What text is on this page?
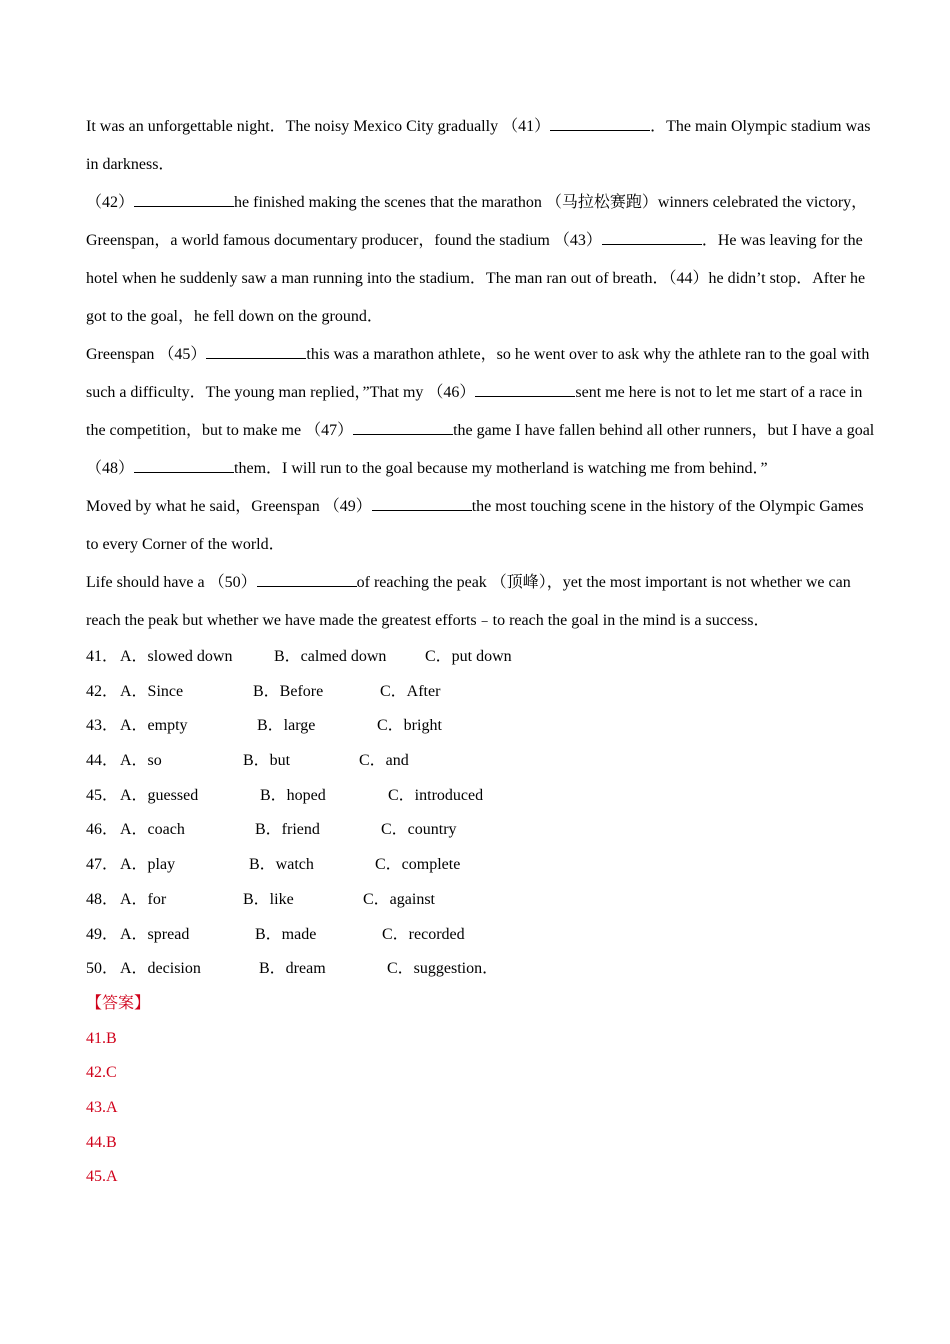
It was an unforgettable night．The noisy Mexico City gradually （41）	．The main Olympic stadium was in darkness．

（42）	he finished making the scenes that the marathon （马拉松赛跑）winners celebrated the victory，Greenspan，a world famous documentary producer，found the stadium （43）	．He was leaving for the hotel when he suddenly saw a man running into the stadium．The man ran out of breath．（44）he didn’t stop．After he got to the goal，he fell down on the ground．

Greenspan （45）	this was a marathon athlete，so he went over to ask why the athlete ran to the goal with such a difficulty．The young man replied，”That my （46）	sent me here is not to let me start of a race in the competition，but to make me （47）	the game I have fallen behind all other runners，but I have a goal （48）	them．I will run to the goal because my motherland is watching me from behind．”

Moved by what he said，Greenspan （49）	the most touching scene in the history of the Olympic Games to every Corner of the world．

Life should have a （50）	of reaching the peak （顶峰），yet the most important is not whether we can reach the peak but whether we have made the greatest efforts﹣to reach the goal in the mind is a success．

41． A．slowed down	B．calmed down C．put down
42． A．Since	B．Before	C．After
43． A．empty	B．large	C．bright
44． A．so	B．but	C．and
45． A．guessed	B．hoped	C．introduced
46． A．coach	B．friend	C．country
47． A．play	B．watch	C．complete
48． A．for	B．like	C．against
49． A．spread	B．made	C．recorded
50． A．decision	B．dream	C．suggestion．
【答案】
41.B
42.C
43.A
44.B
45.A
